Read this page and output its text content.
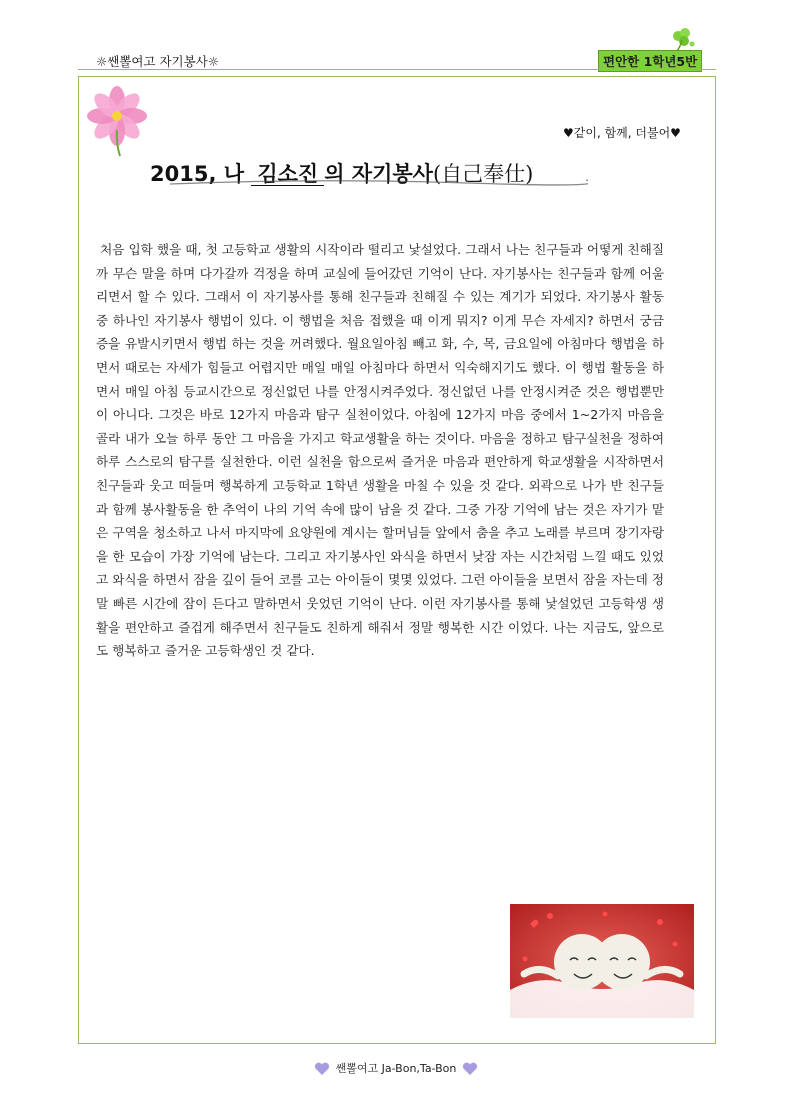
☼쌘뽈여고 자기봉사☼	편안한 1학년5반
♥같이, 함께, 더불어♥
2015, 나 김소진의 자기봉사(自己奉仕)
처음 입학 했을 때, 첫 고등학교 생활의 시작이라 떨리고 낯설었다. 그래서 나는 친구들과 어떻게 친해질까 무슨 말을 하며 다가갈까 걱정을 하며 교실에 들어갔던 기억이 난다. 자기봉사는 친구들과 함께 어울리면서 할 수 있다. 그래서 이 자기봉사를 통해 친구들과 친해질 수 있는 계기가 되었다. 자기봉사 활동 중 하나인 자기봉사 행법이 있다. 이 행법을 처음 접했을 때 이게 뭐지? 이게 무슨 자세지? 하면서 궁금증을 유발시키면서 행법 하는 것을 꺼려했다. 월요일아침 빼고 화, 수, 목, 금요일에 아침마다 행법을 하면서 때로는 자세가 힘들고 어렵지만 매일 매일 아침마다 하면서 익숙해지기도 했다. 이 행법 활동을 하면서 매일 아침 등교시간으로 정신없던 나를 안정시켜주었다. 정신없던 나를 안정시켜준 것은 행법뿐만이 아니다. 그것은 바로 12가지 마음과 탐구 실천이었다. 아침에 12가지 마음 중에서 1~2가지 마음을 골라 내가 오늘 하루 동안 그 마음을 가지고 학교생활을 하는 것이다. 마음을 정하고 탐구실천을 정하여 하루 스스로의 탐구를 실천한다. 이런 실천을 함으로써 즐거운 마음과 편안하게 학교생활을 시작하면서 친구들과 웃고 떠들며 행복하게 고등학교 1학년 생활을 마칠 수 있을 것 같다. 외곽으로 나가 반 친구들과 함께 봉사활동을 한 추억이 나의 기억 속에 많이 남을 것 같다. 그중 가장 기억에 남는 것은 자기가 맡은 구역을 청소하고 나서 마지막에 요양원에 계시는 할머님들 앞에서 춤을 추고 노래를 부르며 장기자랑을 한 모습이 가장 기억에 남는다. 그리고 자기봉사인 와식을 하면서 낮잠 자는 시간처럼 느낄 때도 있었고 와식을 하면서 잠을 깊이 들어 코를 고는 아이들이 몇몇 있었다. 그런 아이들을 보면서 잠을 자는데 정말 빠른 시간에 잠이 든다고 말하면서 웃었던 기억이 난다. 이런 자기봉사를 통해 낯설었던 고등학생 생활을 편안하고 즐겁게 해주면서 친구들도 친하게 해줘서 정말 행복한 시간 이었다. 나는 지금도, 앞으로도 행복하고 즐거운 고등학생인 것 같다.
쌘뽈여고 Ja-Bon,Ta-Bon
